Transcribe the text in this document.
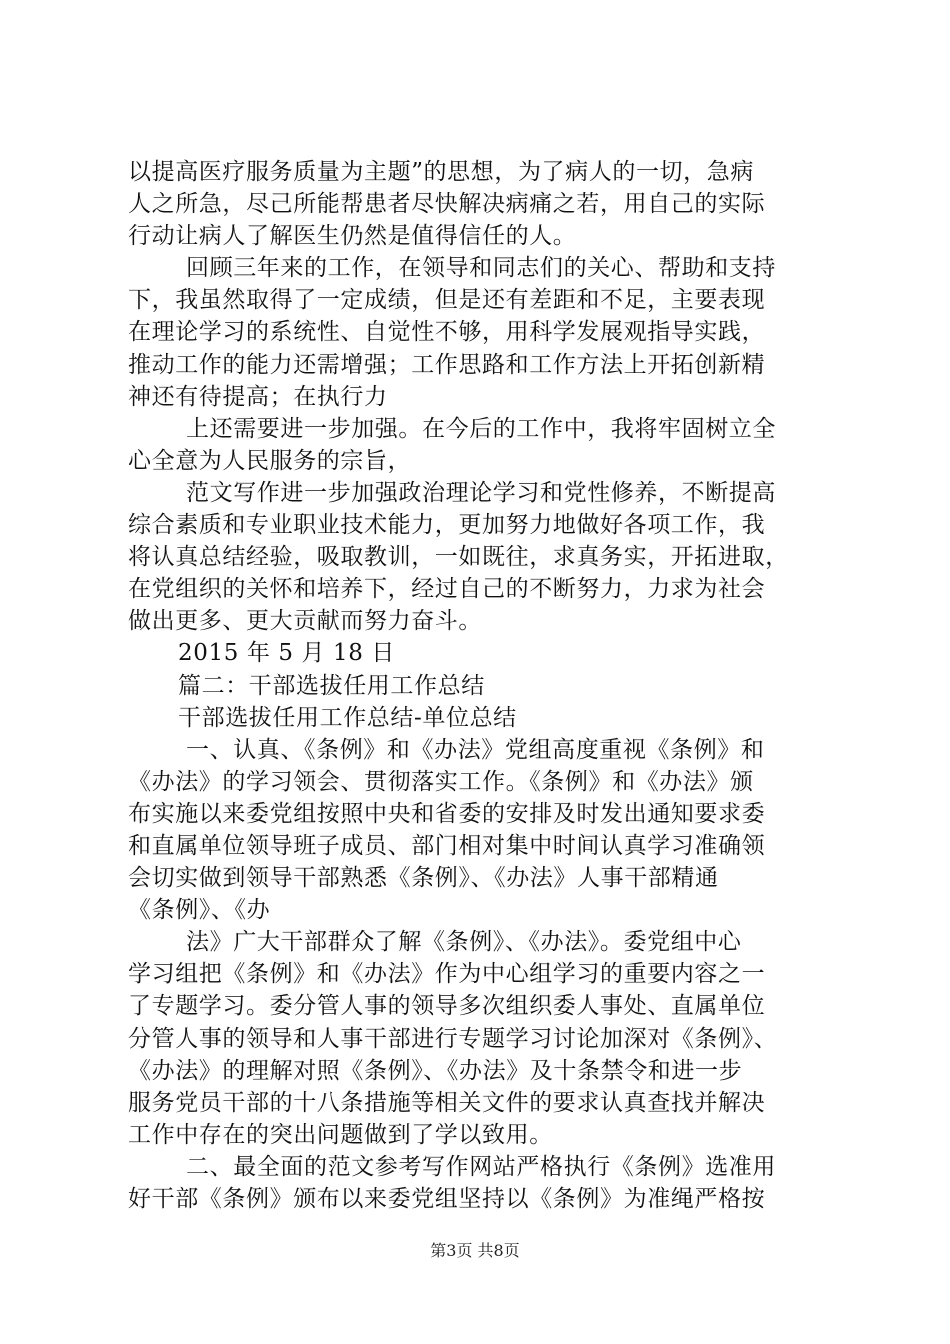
以提高医疗服务质量为主题”的思想，为了病人的一切，急病
人之所急，尽己所能帮患者尽快解决病痛之若，用自己的实际
行动让病人了解医生仍然是值得信任的人。
回顾三年来的工作，在领导和同志们的关心、帮助和支持
下，我虽然取得了一定成绩，但是还有差距和不足，主要表现
在理论学习的系统性、自觉性不够，用科学发展观指导实践，
推动工作的能力还需增强；工作思路和工作方法上开拓创新精
神还有待提高；在执行力
上还需要进一步加强。在今后的工作中，我将牢固树立全
心全意为人民服务的宗旨，
范文写作进一步加强政治理论学习和党性修养，不断提高
综合素质和专业职业技术能力，更加努力地做好各项工作，我
将认真总结经验，吸取教训，一如既往，求真务实，开拓进取，
在党组织的关怀和培养下，经过自己的不断努力，力求为社会
做出更多、更大贡献而努力奋斗。
2015 年 5 月 18 日
篇二：干部选拔任用工作总结
干部选拔任用工作总结-单位总结
一、认真、《条例》和《办法》党组高度重视《条例》和
《办法》的学习领会、贯彻落实工作。《条例》和《办法》颁
布实施以来委党组按照中央和省委的安排及时发出通知要求委
和直属单位领导班子成员、部门相对集中时间认真学习准确领
会切实做到领导干部熟悉《条例》、《办法》人事干部精通
《条例》、《办
法》广大干部群众了解《条例》、《办法》。委党组中心
学习组把《条例》和《办法》作为中心组学习的重要内容之一
了专题学习。委分管人事的领导多次组织委人事处、直属单位
分管人事的领导和人事干部进行专题学习讨论加深对《条例》、
《办法》的理解对照《条例》、《办法》及十条禁令和进一步
服务党员干部的十八条措施等相关文件的要求认真查找并解决
工作中存在的突出问题做到了学以致用。
二、最全面的范文参考写作网站严格执行《条例》选准用
好干部《条例》颁布以来委党组坚持以《条例》为准绳严格按
第3页 共8页
